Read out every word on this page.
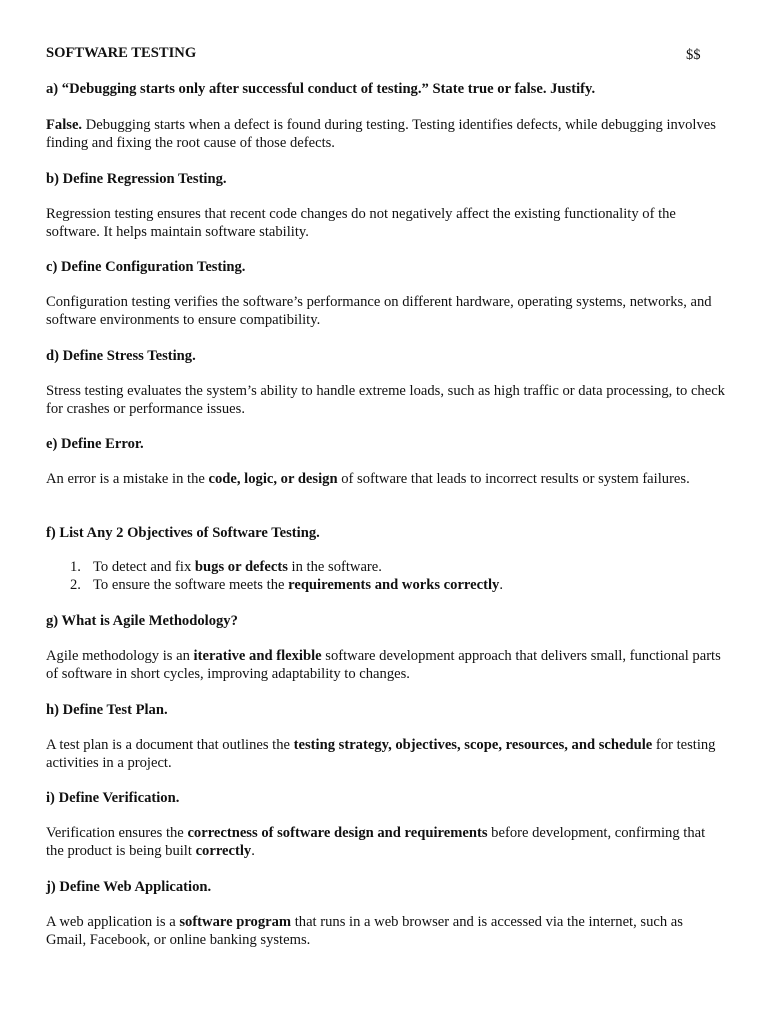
SOFTWARE TESTING	$$

a) “Debugging starts only after successful conduct of testing.” State true or false. Justify.

False. Debugging starts when a defect is found during testing. Testing identifies defects, while debugging involves finding and fixing the root cause of those defects.

b) Define Regression Testing.

Regression testing ensures that recent code changes do not negatively affect the existing functionality of the software. It helps maintain software stability.

c) Define Configuration Testing.

Configuration testing verifies the software’s performance on different hardware, operating systems, networks, and software environments to ensure compatibility.

d) Define Stress Testing.

Stress testing evaluates the system’s ability to handle extreme loads, such as high traffic or data processing, to check for crashes or performance issues.

e) Define Error.

An error is a mistake in the code, logic, or design of software that leads to incorrect results or system failures.

f) List Any 2 Objectives of Software Testing.

1. To detect and fix bugs or defects in the software.
2. To ensure the software meets the requirements and works correctly.

g) What is Agile Methodology?

Agile methodology is an iterative and flexible software development approach that delivers small, functional parts of software in short cycles, improving adaptability to changes.

h) Define Test Plan.

A test plan is a document that outlines the testing strategy, objectives, scope, resources, and schedule for testing activities in a project.

i) Define Verification.

Verification ensures the correctness of software design and requirements before development, confirming that the product is being built correctly.

j) Define Web Application.

A web application is a software program that runs in a web browser and is accessed via the internet, such as Gmail, Facebook, or online banking systems.
